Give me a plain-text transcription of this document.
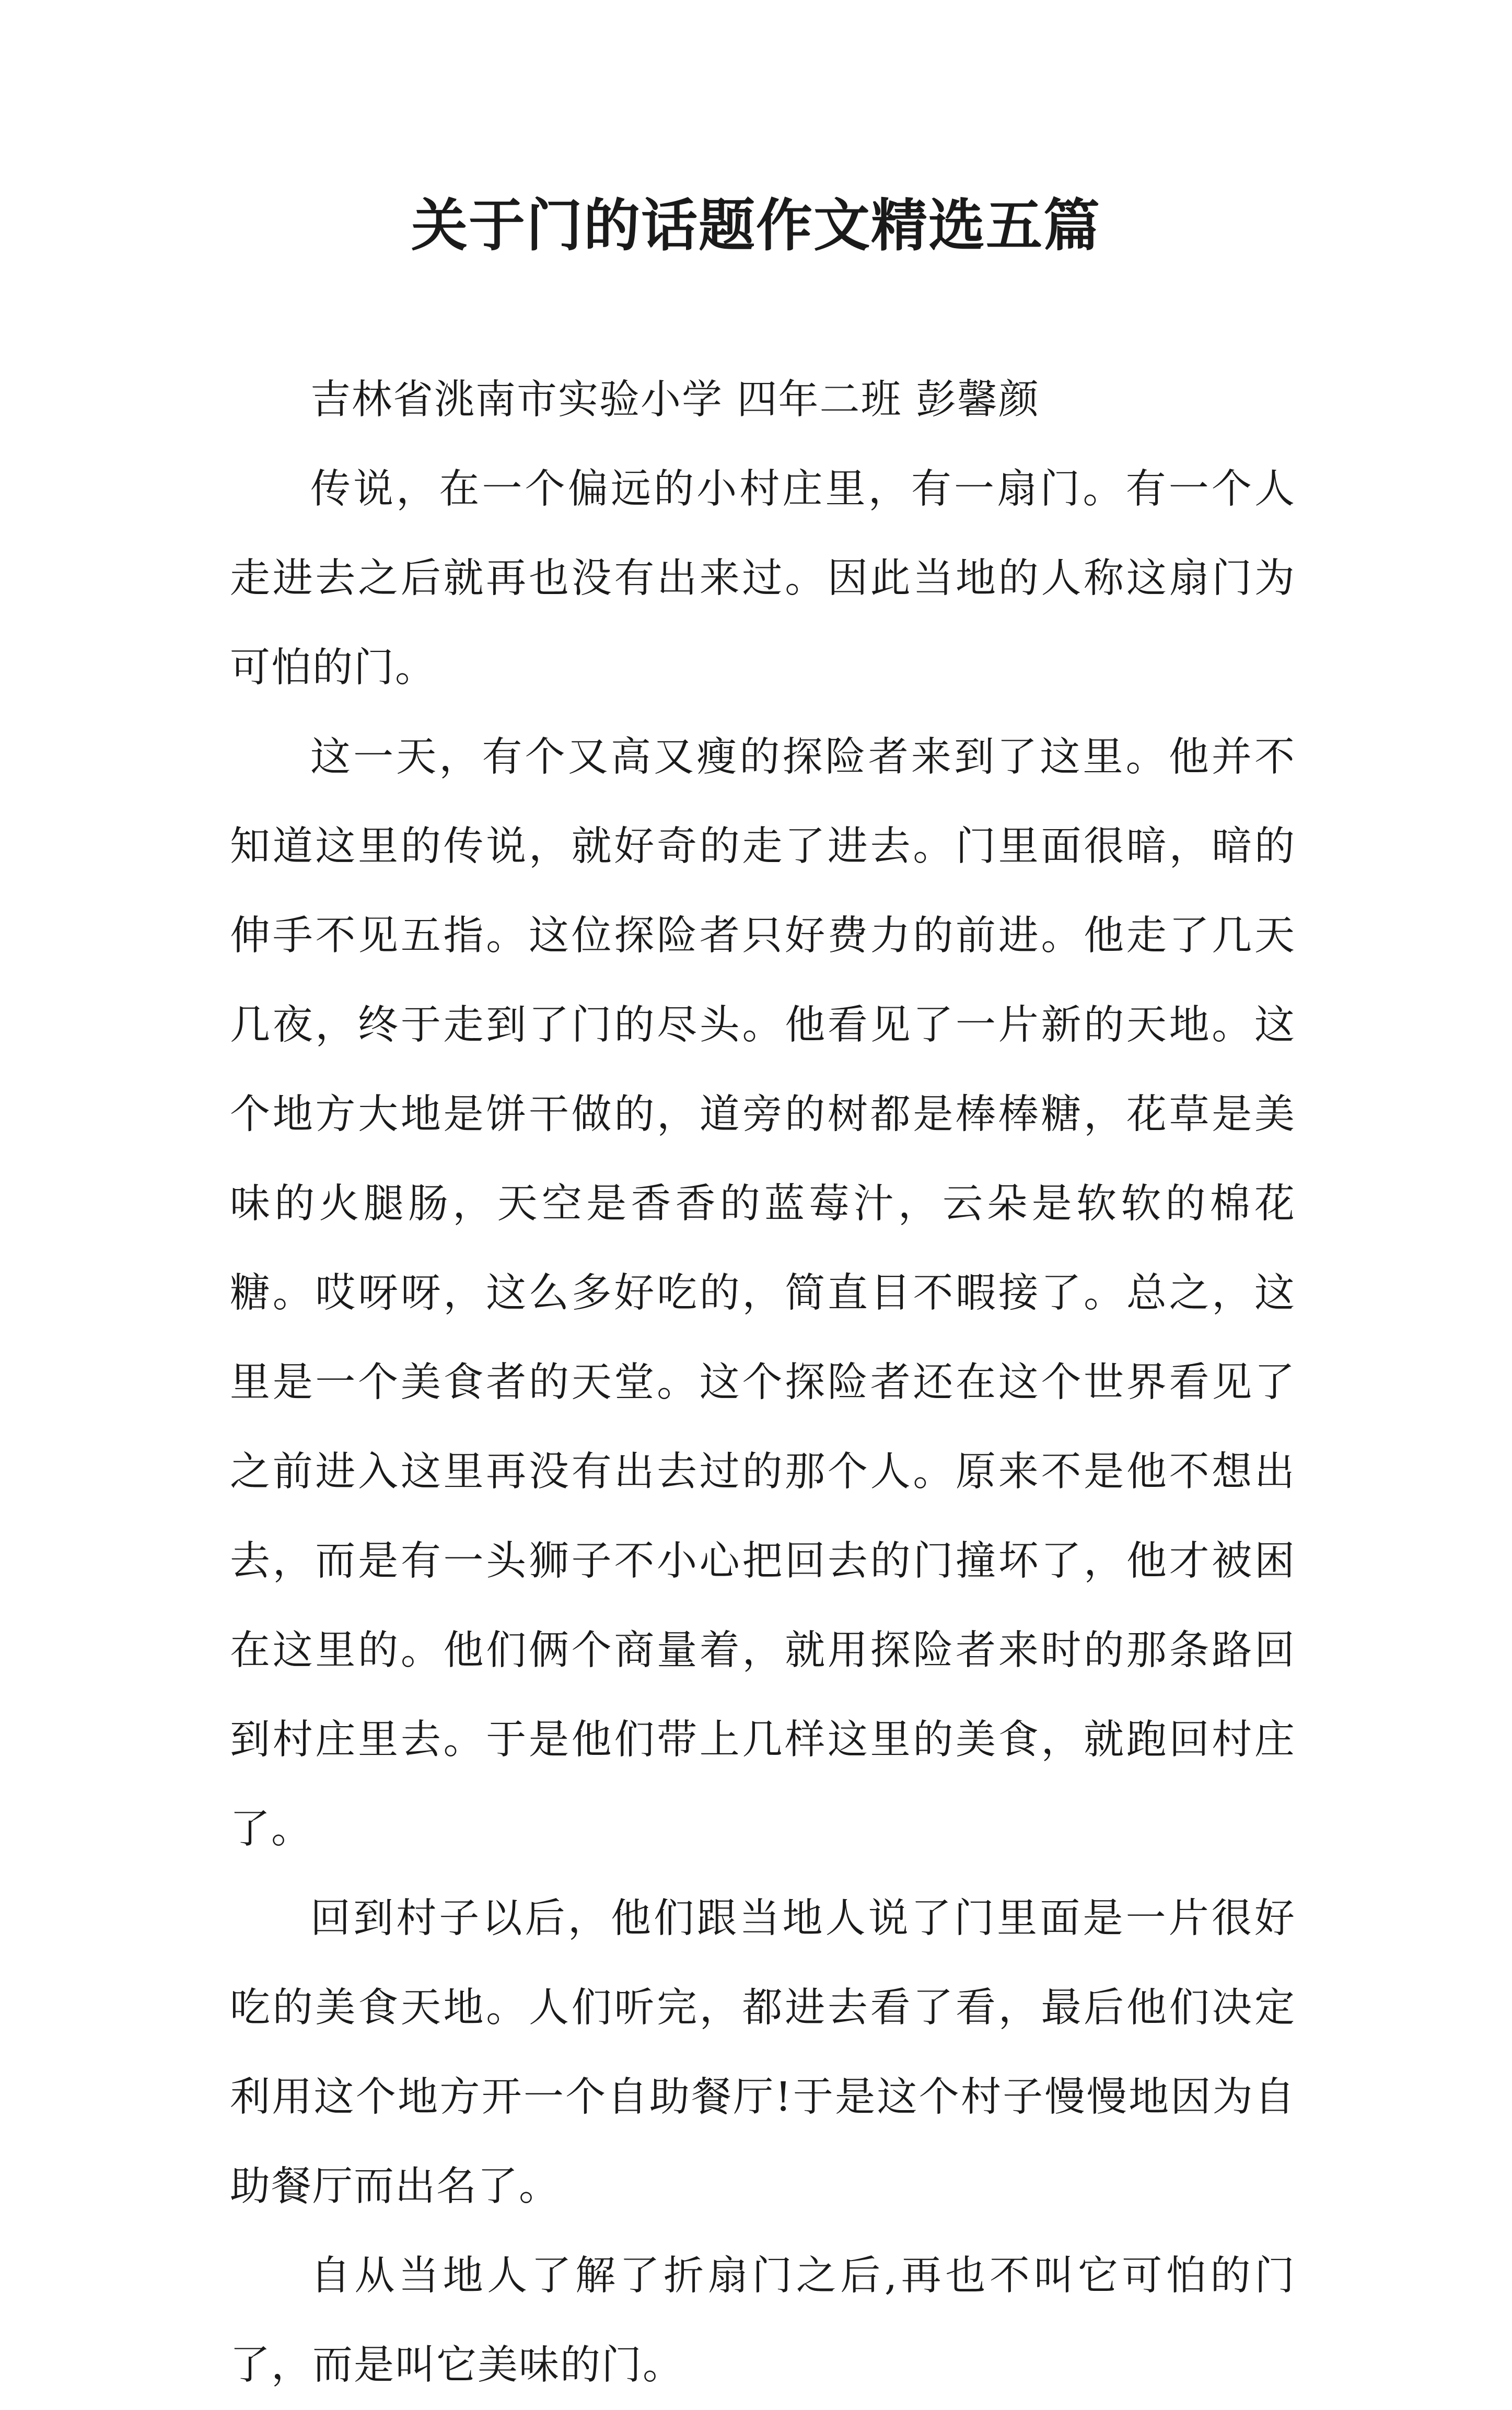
关于门的话题作文精选五篇

吉林省洮南市实验小学 四年二班 彭馨颜

传说，在一个偏远的小村庄里，有一扇门。有一个人走进去之后就再也没有出来过。因此当地的人称这扇门为可怕的门。

这一天，有个又高又瘦的探险者来到了这里。他并不知道这里的传说，就好奇的走了进去。门里面很暗，暗的伸手不见五指。这位探险者只好费力的前进。他走了几天几夜，终于走到了门的尽头。他看见了一片新的天地。这个地方大地是饼干做的，道旁的树都是棒棒糖，花草是美味的火腿肠，天空是香香的蓝莓汁，云朵是软软的棉花糖。哎呀呀，这么多好吃的，简直目不暇接了。总之，这里是一个美食者的天堂。这个探险者还在这个世界看见了之前进入这里再没有出去过的那个人。原来不是他不想出去，而是有一头狮子不小心把回去的门撞坏了，他才被困在这里的。他们俩个商量着，就用探险者来时的那条路回到村庄里去。于是他们带上几样这里的美食，就跑回村庄了。

回到村子以后，他们跟当地人说了门里面是一片很好吃的美食天地。人们听完，都进去看了看，最后他们决定利用这个地方开一个自助餐厅!于是这个村子慢慢地因为自助餐厅而出名了。

自从当地人了解了折扇门之后,再也不叫它可怕的门了，而是叫它美味的门。
